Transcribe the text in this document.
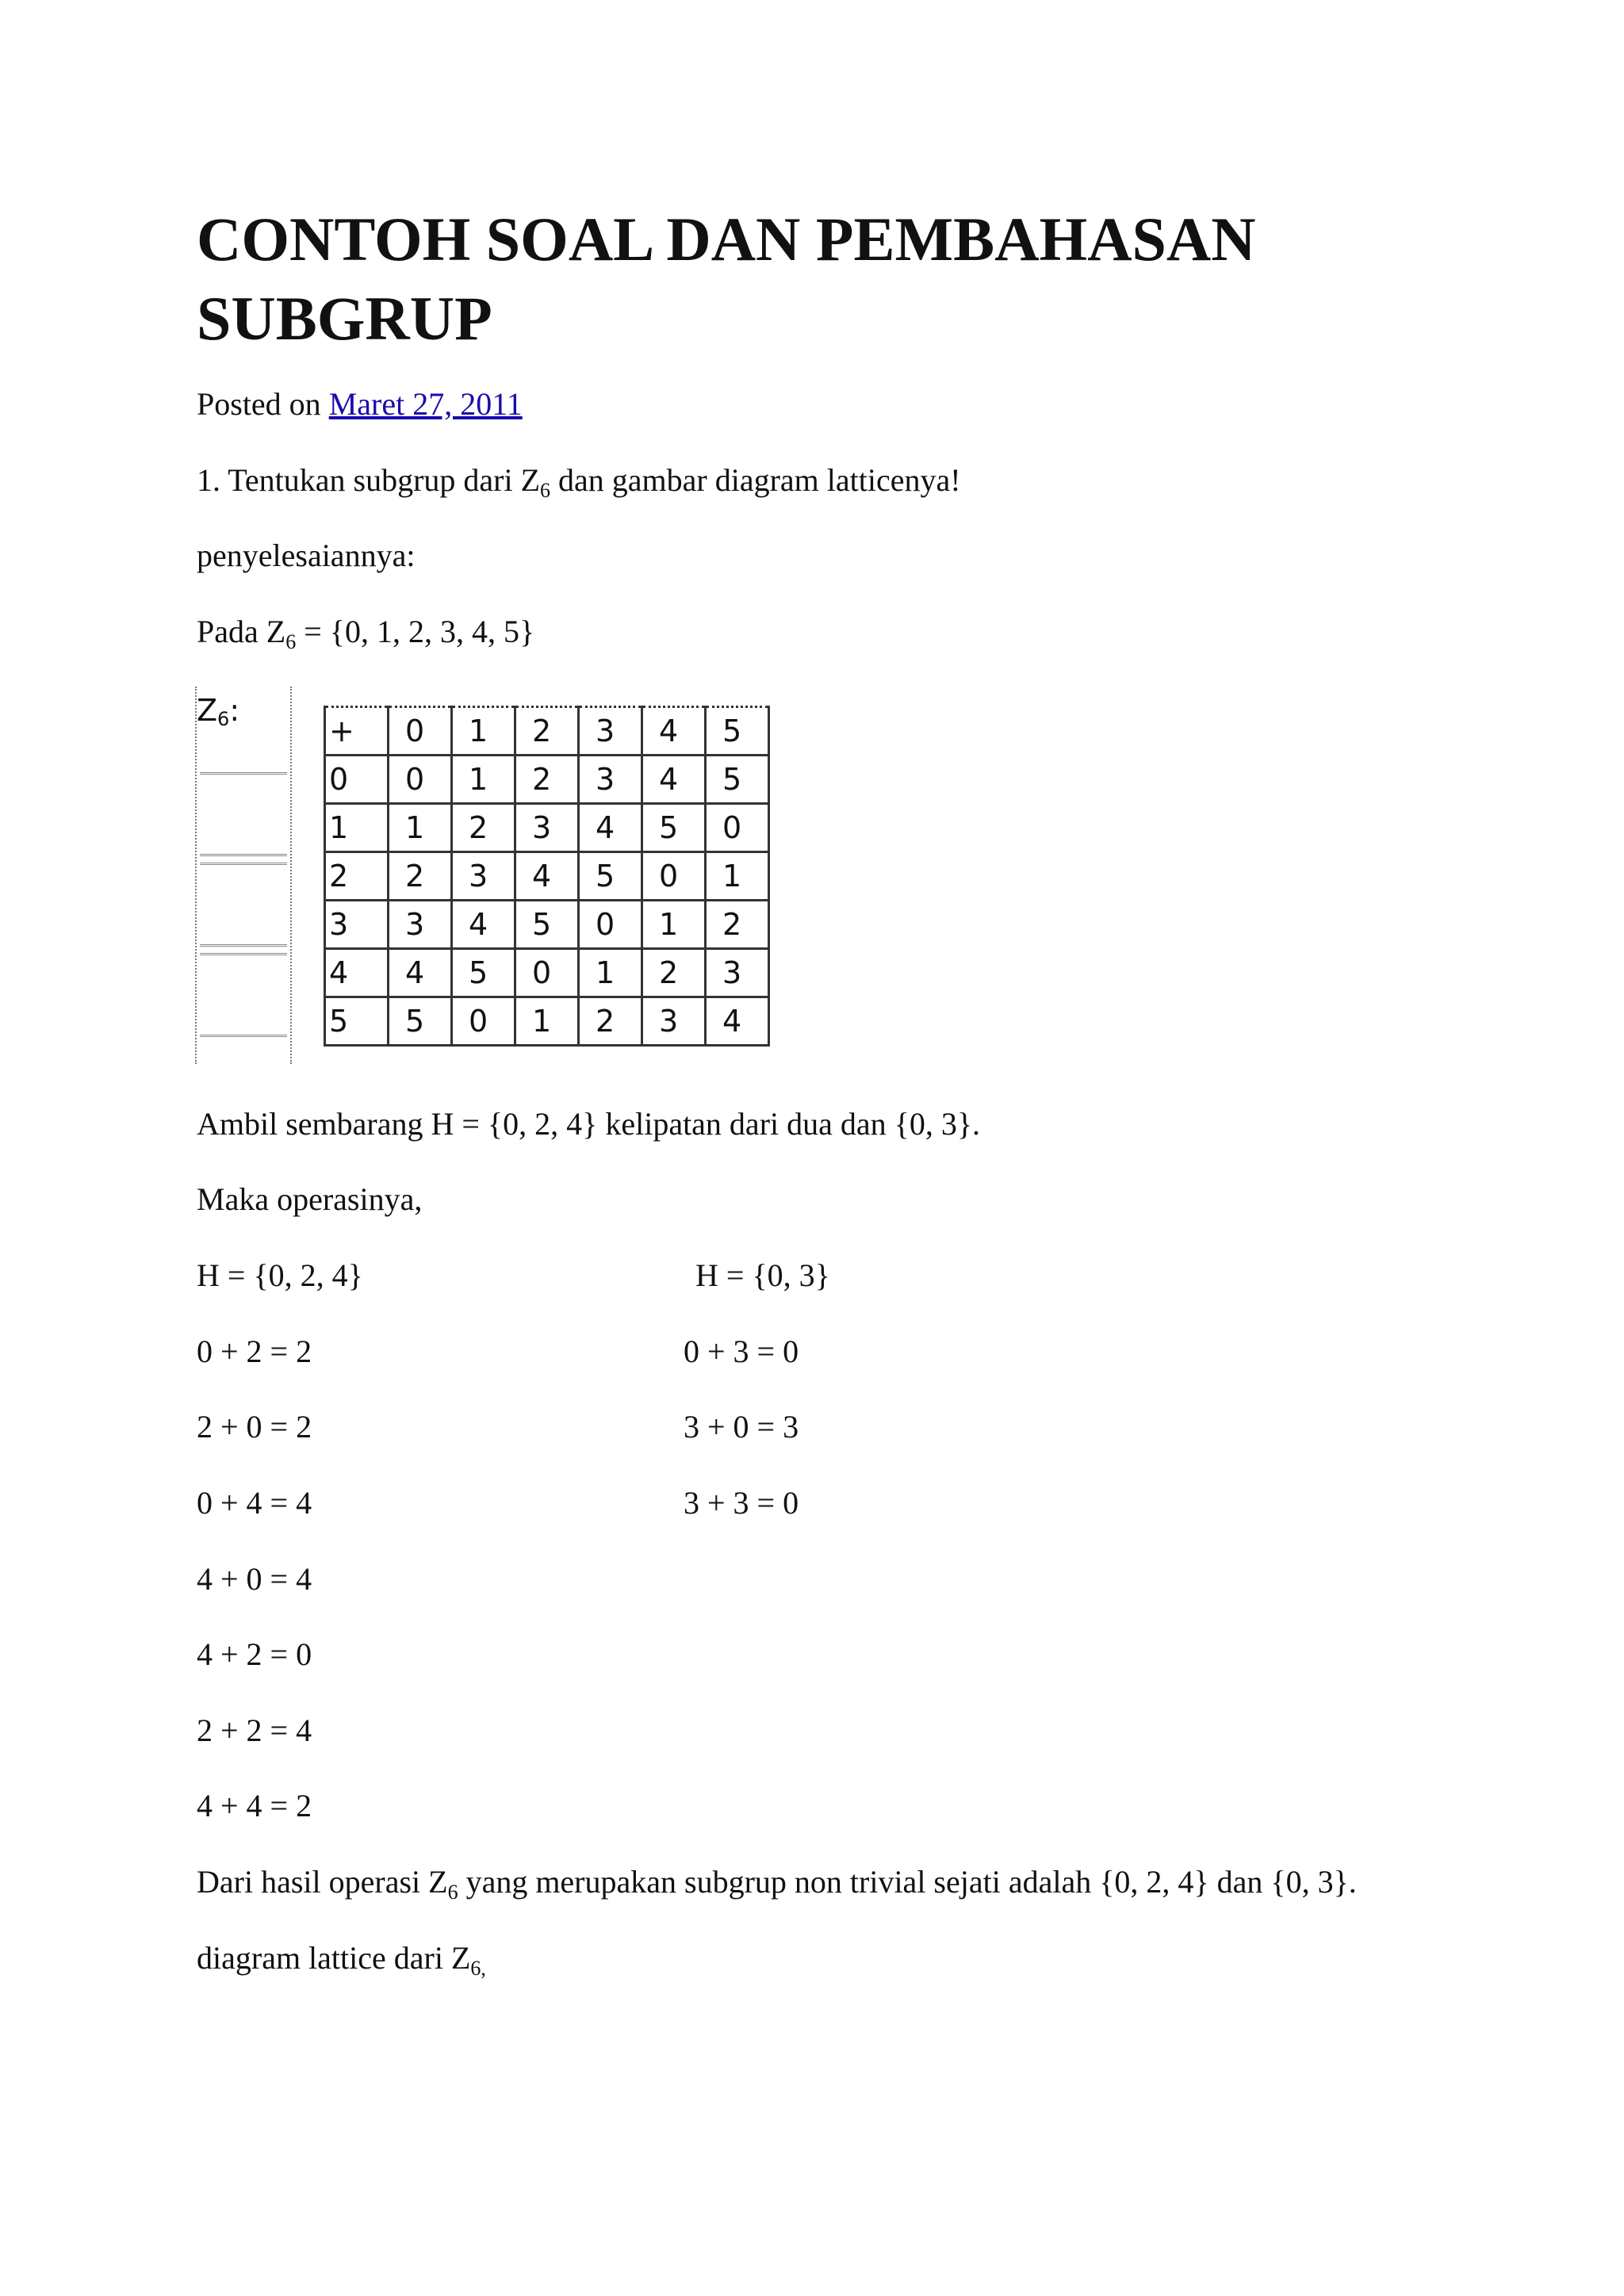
CONTOH SOAL DAN PEMBAHASAN SUBGRUP
Posted on Maret 27, 2011
1. Tentukan subgrup dari $Z_6$ dan gambar diagram latticenya!
penyelesaiannya:
Pada $Z_6 = \{0$, 1, 2, 3, 4, 5}
$Z_6$:
+	0	1	2	3	4	5
0	0	1	2	3	4	5
1	1	2	3	4	5	0
2	2	3	4	5	0	1
3	3	4	5	0	1	2
4	4	5	0	1	2	3
5	5	0	1	2	3	4
Ambil sembarang H = {0, 2, 4} kelipatan dari dua dan {0, 3}.
Maka operasinya,
H = {0, 2, 4}	H = {0, 3}
0 + 2 = 2
2 + 0 = 2
0 + 4 = 4
4 + 0 = 4
4 + 2 = 0
2 + 2 = 4
4 + 4 = 2
0 + 3 = 0
3 + 0 = 3
3 + 3 = 0
Dari hasil operasi $Z_6$ yang merupakan subgrup non trivial sejati adalah {0, 2, 4} dan {0, 3}.
diagram lattice dari $Z_{6,}$
